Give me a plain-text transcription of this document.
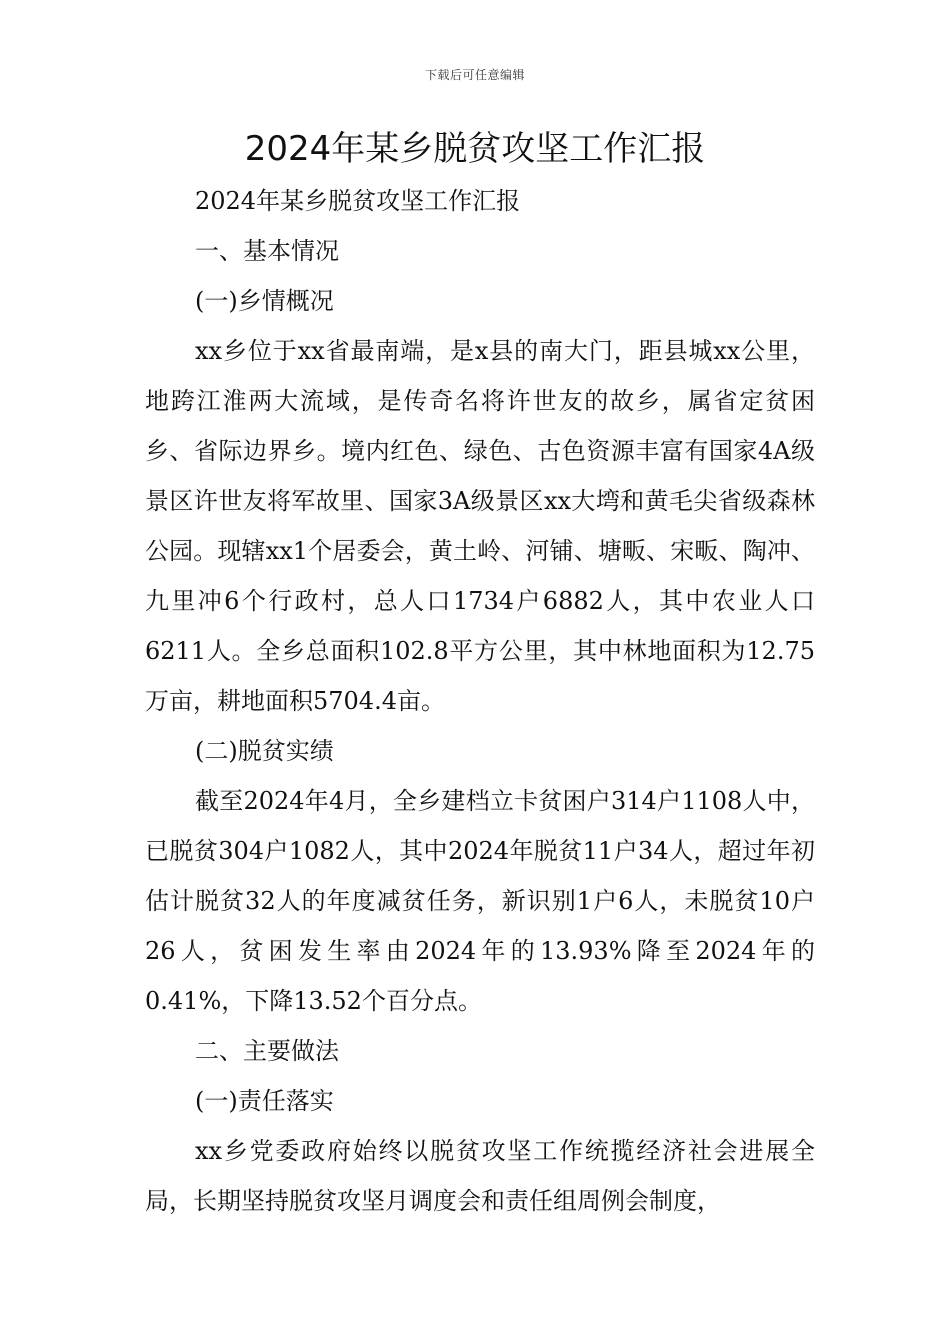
下载后可任意编辑
2024年某乡脱贫攻坚工作汇报

2024年某乡脱贫攻坚工作汇报

一、基本情况

(一)乡情概况

xx乡位于xx省最南端，是x县的南大门，距县城xx公里，地跨江淮两大流域，是传奇名将许世友的故乡，属省定贫困乡、省际边界乡。境内红色、绿色、古色资源丰富有国家4A级景区许世友将军故里、国家3A级景区xx大塆和黄毛尖省级森林公园。现辖xx1个居委会，黄土岭、河铺、塘畈、宋畈、陶冲、九里冲6个行政村，总人口1734户6882人，其中农业人口6211人。全乡总面积102.8平方公里，其中林地面积为12.75万亩，耕地面积5704.4亩。

(二)脱贫实绩

截至2024年4月，全乡建档立卡贫困户314户1108人中，已脱贫304户1082人，其中2024年脱贫11户34人，超过年初估计脱贫32人的年度减贫任务，新识别1户6人，未脱贫10户26人，贫困发生率由2024年的13.93%降至2024年的0.41%，下降13.52个百分点。

二、主要做法

(一)责任落实

xx乡党委政府始终以脱贫攻坚工作统揽经济社会进展全局，长期坚持脱贫攻坚月调度会和责任组周例会制度，
